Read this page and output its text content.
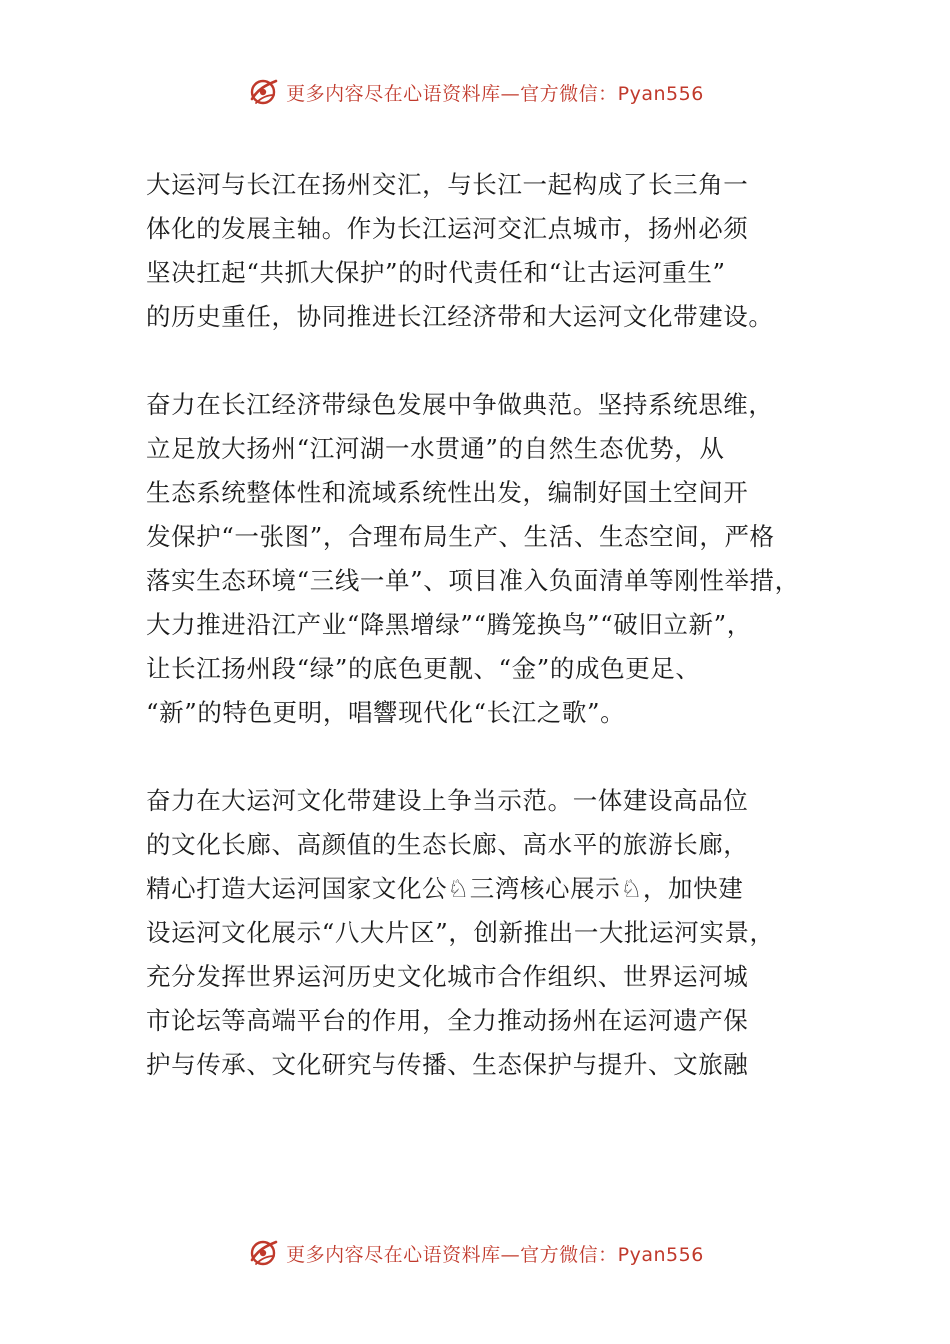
更多内容尽在心语资料库—官方微信：Pyan556
大运河与长江在扬州交汇，与长江一起构成了长三角一
体化的发展主轴。作为长江运河交汇点城市，扬州必须
坚决扛起“共抓大保护”的时代责任和“让古运河重生”
的历史重任，协同推进长江经济带和大运河文化带建设。
奋力在长江经济带绿色发展中争做典范。坚持系统思维，
立足放大扬州“江河湖一水贯通”的自然生态优势，从
生态系统整体性和流域系统性出发，编制好国土空间开
发保护“一张图”，合理布局生产、生活、生态空间，严格
落实生态环境“三线一单”、项目准入负面清单等刚性举措，
大力推进沿江产业“降黑增绿”“腾笼换鸟”“破旧立新”，
让长江扬州段“绿”的底色更靓、“金”的成色更足、
“新”的特色更明，唱響现代化“长江之歌”。
奋力在大运河文化带建设上争当示范。一体建设高品位
的文化长廊、高颜值的生态长廊、高水平的旅游长廊，
精心打造大运河国家文化公♘三湾核心展示♘，加快建
设运河文化展示“八大片区”，创新推出一大批运河实景，
充分发挥世界运河历史文化城市合作组织、世界运河城
市论坛等高端平台的作用，全力推动扬州在运河遗产保
护与传承、文化研究与传播、生态保护与提升、文旅融
更多内容尽在心语资料库—官方微信：Pyan556
